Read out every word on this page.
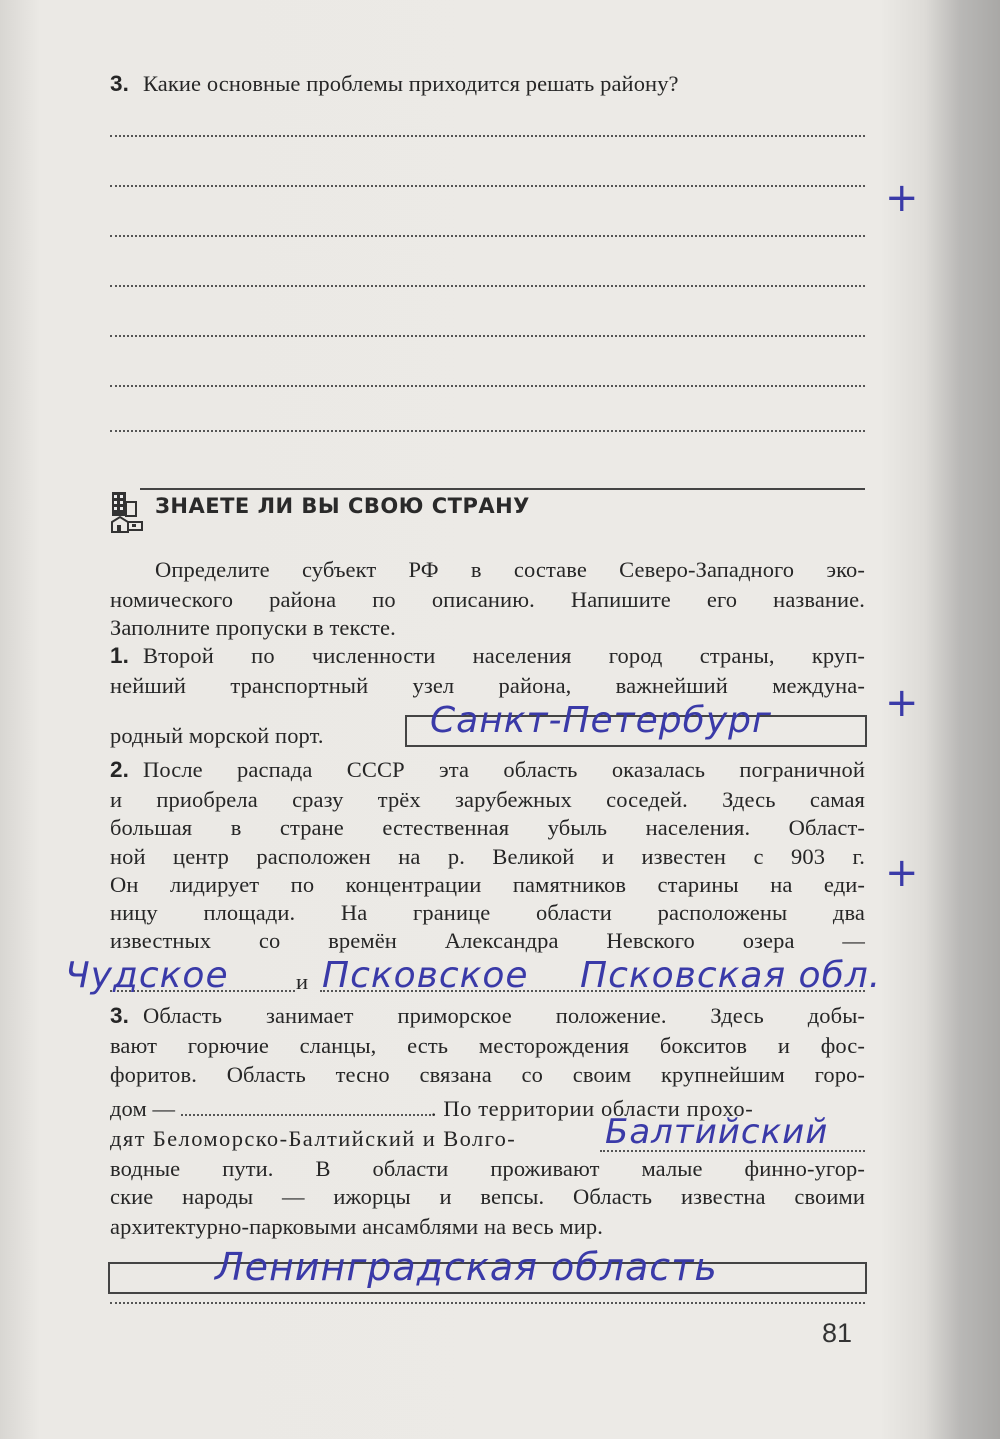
3. Какие основные проблемы приходится решать району?
+
ЗНАЕТЕ ЛИ ВЫ СВОЮ СТРАНУ
Определите субъект РФ в составе Северо-Западного эко-
номического района по описанию. Напишите его название.
Заполните пропуски в тексте.
1. Второй по численности населения город страны, круп-
нейший транспортный узел района, важнейший междуна-
родный морской порт.	Санкт-Петербург	+
2. После распада СССР эта область оказалась пограничной
и приобрела сразу трёх зарубежных соседей. Здесь самая
большая в стране естественная убыль населения. Област-
ной центр расположен на р. Великой и известен с 903 г.
Он лидирует по концентрации памятников старины на еди-
ницу площади. На границе области расположены два
известных со времён Александра Невского озера —
+
Чудское	и Псковское Псковская обл.
3. Область занимает приморское положение. Здесь добы-
вают горючие сланцы, есть месторождения бокситов и фос-
форитов. Область тесно связана со своим крупнейшим горо-
дом —	. По территории области прохо-
дят Беломорско-Балтийский и Волго-	Балтийский
водные пути. В области проживают малые финно-угор-
ские народы — ижорцы и вепсы. Область известна своими
архитектурно-парковыми ансамблями на весь мир.
Ленинградская область
81
